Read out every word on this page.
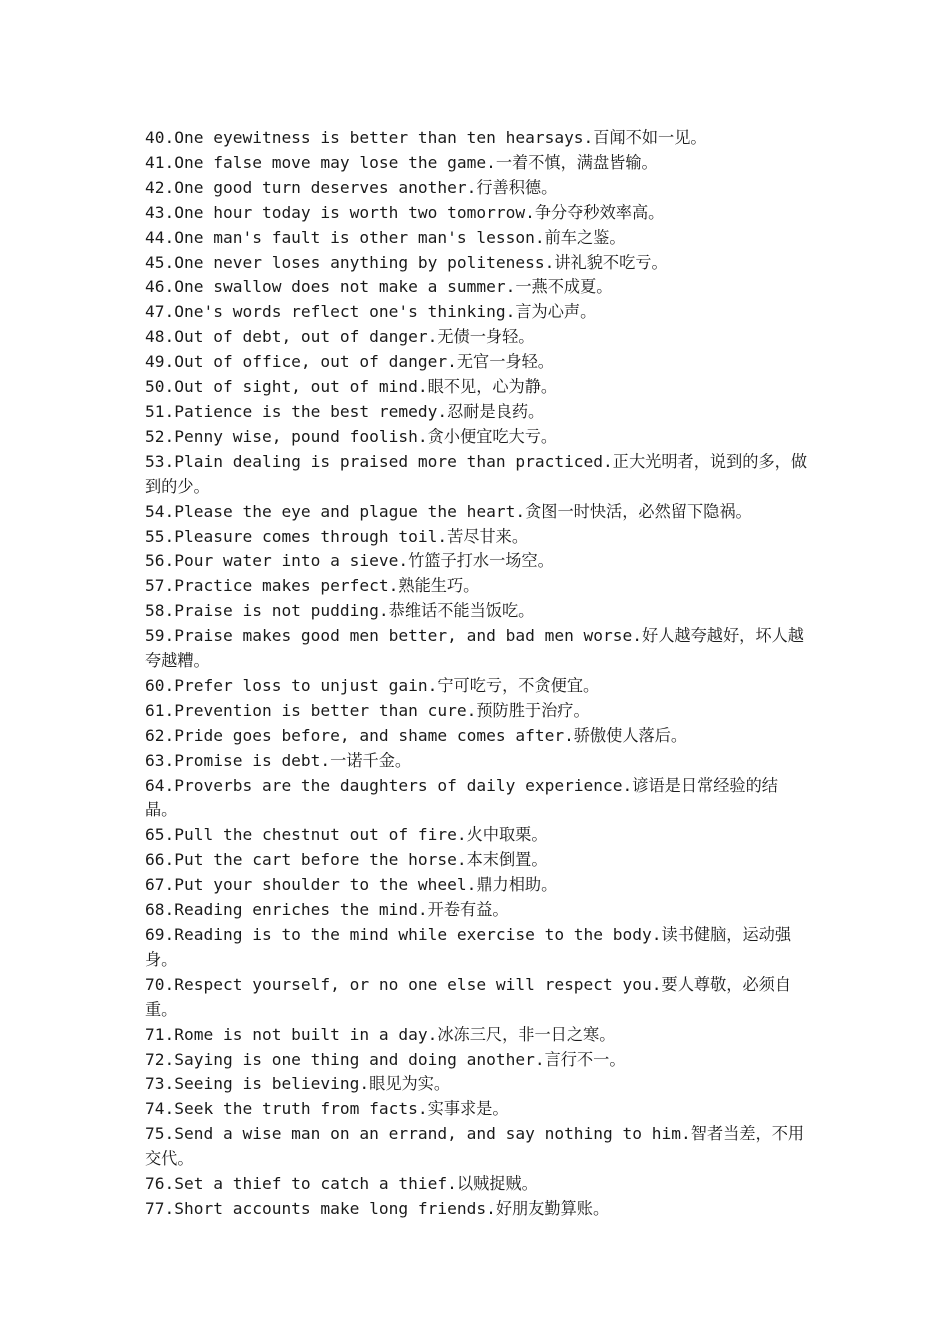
40.One eyewitness is better than ten hearsays.百闻不如一见。

41.One false move may lose the game.一着不慎，满盘皆输。

42.One good turn deserves another.行善积德。

43.One hour today is worth two tomorrow.争分夺秒效率高。

44.One man's fault is other man's lesson.前车之鉴。

45.One never loses anything by politeness.讲礼貌不吃亏。

46.One swallow does not make a summer.一燕不成夏。

47.One's words reflect one's thinking.言为心声。

48.Out of debt, out of danger.无债一身轻。

49.Out of office, out of danger.无官一身轻。

50.Out of sight, out of mind.眼不见，心为静。

51.Patience is the best remedy.忍耐是良药。

52.Penny wise, pound foolish.贪小便宜吃大亏。

53.Plain dealing is praised more than practiced.正大光明者，说到的多，做到的少。

54.Please the eye and plague the heart.贪图一时快活，必然留下隐祸。

55.Pleasure comes through toil.苦尽甘来。

56.Pour water into a sieve.竹篮子打水一场空。

57.Practice makes perfect.熟能生巧。

58.Praise is not pudding.恭维话不能当饭吃。

59.Praise makes good men better, and bad men worse.好人越夸越好，坏人越夸越糟。

60.Prefer loss to unjust gain.宁可吃亏，不贪便宜。

61.Prevention is better than cure.预防胜于治疗。

62.Pride goes before, and shame comes after.骄傲使人落后。

63.Promise is debt.一诺千金。

64.Proverbs are the daughters of daily experience.谚语是日常经验的结晶。

65.Pull the chestnut out of fire.火中取栗。

66.Put the cart before the horse.本末倒置。

67.Put your shoulder to the wheel.鼎力相助。

68.Reading enriches the mind.开卷有益。

69.Reading is to the mind while exercise to the body.读书健脑，运动强身。

70.Respect yourself, or no one else will respect you.要人尊敬，必须自重。

71.Rome is not built in a day.冰冻三尺，非一日之寒。

72.Saying is one thing and doing another.言行不一。

73.Seeing is believing.眼见为实。

74.Seek the truth from facts.实事求是。

75.Send a wise man on an errand, and say nothing to him.智者当差，不用交代。

76.Set a thief to catch a thief.以贼捉贼。

77.Short accounts make long friends.好朋友勤算账。
